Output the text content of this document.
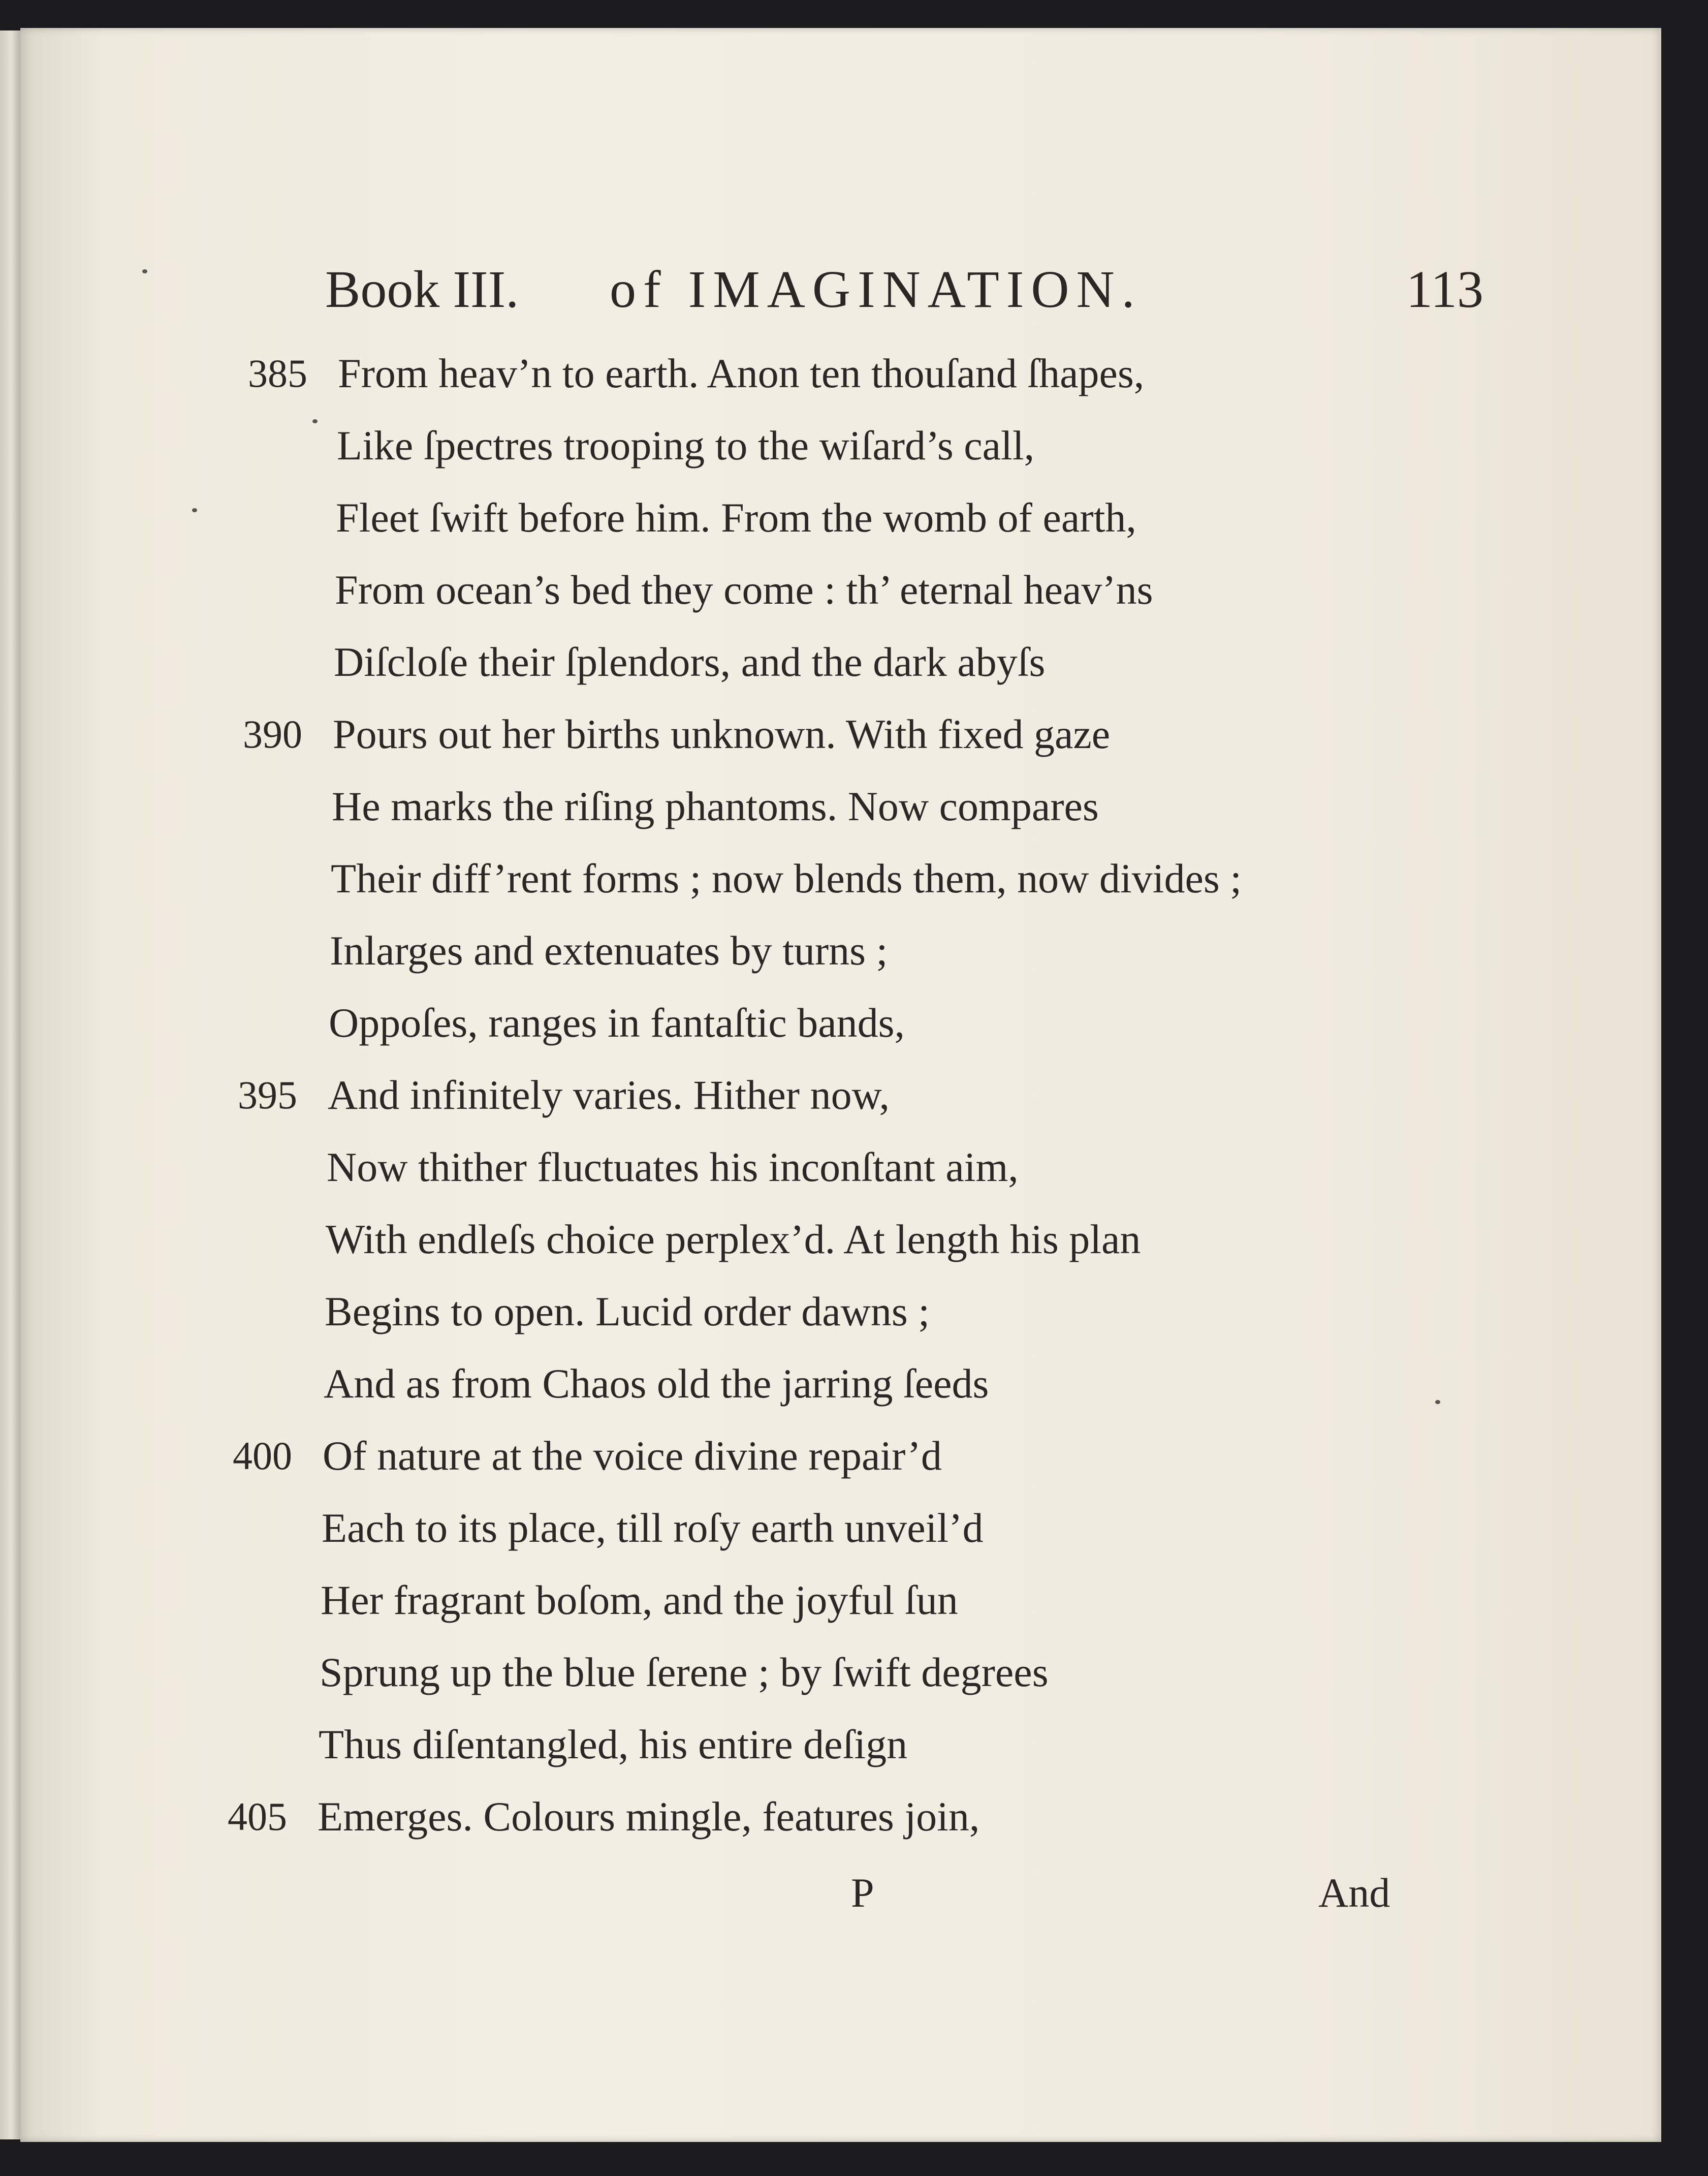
Book III. of IMAGINATION.	113
385 From heav’n to earth. Anon ten thouſand ſhapes,
Like ſpectres trooping to the wiſard’s call,
Fleet ſwift before him. From the womb of earth,
From ocean’s bed they come : th’ eternal heav’ns
Diſcloſe their ſplendors, and the dark abyſs
390 Pours out her births unknown. With fixed gaze
He marks the riſing phantoms. Now compares
Their diff’rent forms ; now blends them, now divides ;
Inlarges and extenuates by turns ;
Oppoſes, ranges in fantaſtic bands,
395 And infinitely varies. Hither now,
Now thither fluctuates his inconſtant aim,
With endleſs choice perplex’d. At length his plan
Begins to open. Lucid order dawns ;
And as from Chaos old the jarring ſeeds
400 Of nature at the voice divine repair’d
Each to its place, till roſy earth unveil’d
Her fragrant boſom, and the joyful ſun
Sprung up the blue ſerene ; by ſwift degrees
Thus diſentangled, his entire deſign
405 Emerges. Colours mingle, features join,
P	And
